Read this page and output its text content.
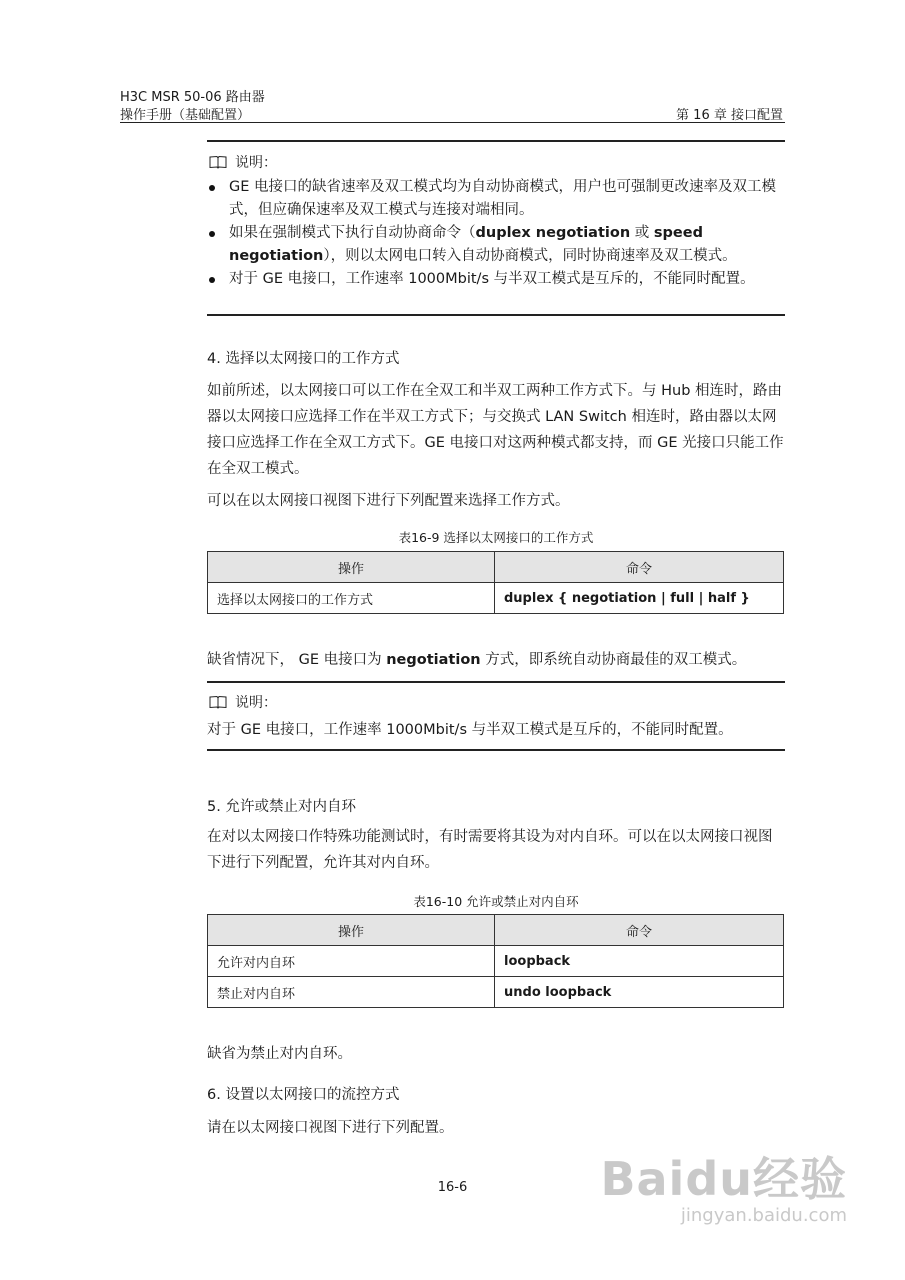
H3C MSR 50-06 路由器
操作手册（基础配置）	第 16 章 接口配置
说明：
GE 电接口的缺省速率及双工模式均为自动协商模式，用户也可强制更改速率及双工模式，但应确保速率及双工模式与连接对端相同。
如果在强制模式下执行自动协商命令（duplex negotiation 或 speed negotiation），则以太网电口转入自动协商模式，同时协商速率及双工模式。
对于 GE 电接口，工作速率 1000Mbit/s 与半双工模式是互斥的，不能同时配置。
4. 选择以太网接口的工作方式
如前所述，以太网接口可以工作在全双工和半双工两种工作方式下。与 Hub 相连时，路由器以太网接口应选择工作在半双工方式下；与交换式 LAN Switch 相连时，路由器以太网接口应选择工作在全双工方式下。GE 电接口对这两种模式都支持，而 GE 光接口只能工作在全双工模式。
可以在以太网接口视图下进行下列配置来选择工作方式。
表16-9 选择以太网接口的工作方式
操作	命令
选择以太网接口的工作方式	duplex { negotiation | full | half }
缺省情况下， GE 电接口为 negotiation 方式，即系统自动协商最佳的双工模式。
说明：
对于 GE 电接口，工作速率 1000Mbit/s 与半双工模式是互斥的，不能同时配置。
5. 允许或禁止对内自环
在对以太网接口作特殊功能测试时，有时需要将其设为对内自环。可以在以太网接口视图下进行下列配置，允许其对内自环。
表16-10 允许或禁止对内自环
操作	命令
允许对内自环	loopback
禁止对内自环	undo loopback
缺省为禁止对内自环。
6. 设置以太网接口的流控方式
请在以太网接口视图下进行下列配置。
16-6	Baidu经验
jingyan.baidu.com
